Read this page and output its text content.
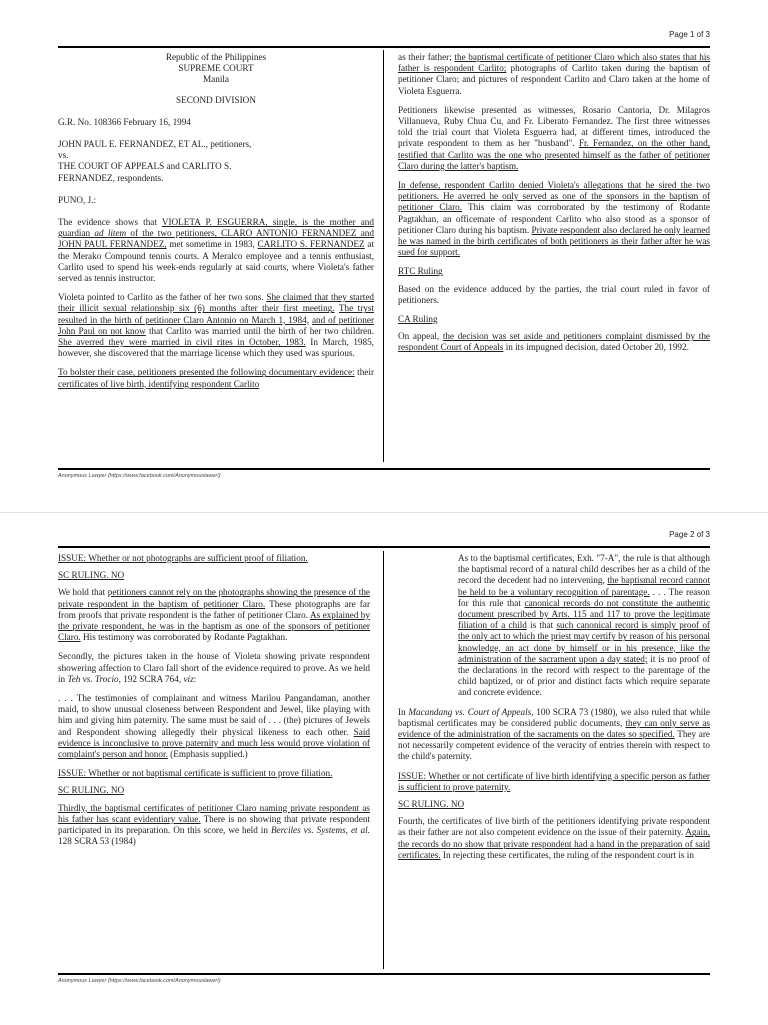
Page 1 of 3
Republic of the Philippines
SUPREME COURT
Manila
SECOND DIVISION
G.R. No. 108366 February 16, 1994
JOHN PAUL E. FERNANDEZ, ET AL., petitioners,
vs.
THE COURT OF APPEALS and CARLITO S.
FERNANDEZ, respondents.
PUNO, J.:

The evidence shows that VIOLETA P. ESGUERRA, single, is the mother and guardian ad litem of the two petitioners, CLARO ANTONIO FERNANDEZ and JOHN PAUL FERNANDEZ, met sometime in 1983, CARLITO S. FERNANDEZ at the Merako Compound tennis courts. A Meralco employee and a tennis enthusiast, Carlito used to spend his week-ends regularly at said courts, where Violeta's father served as tennis instructor.

Violeta pointed to Carlito as the father of her two sons. She claimed that they started their illicit sexual relationship six (6) months after their first meeting. The tryst resulted in the birth of petitioner Claro Antonio on March 1, 1984, and of petitioner John Paul on not know that Carlito was married until the birth of her two children. She averred they were married in civil rites in October, 1983. In March, 1985, however, she discovered that the marriage license which they used was spurious.

To bolster their case, petitioners presented the following documentary evidence: their certificates of live birth, identifying respondent Carlito

as their father; the baptismal certificate of petitioner Claro which also states that his father is respondent Carlito; photographs of Carlito taken during the baptism of petitioner Claro; and pictures of respondent Carlito and Claro taken at the home of Violeta Esguerra.

Petitioners likewise presented as witnesses, Rosario Cantoria, Dr. Milagros Villanueva, Ruby Chua Cu, and Fr. Liberato Fernandez. The first three witnesses told the trial court that Violeta Esguerra had, at different times, introduced the private respondent to them as her "husband". Fr. Fernandez, on the other hand, testified that Carlito was the one who presented himself as the father of petitioner Claro during the latter's baptism.

In defense, respondent Carlito denied Violeta's allegations that he sired the two petitioners. He averred he only served as one of the sponsors in the baptism of petitioner Claro. This claim was corroborated by the testimony of Rodante Pagtakhan, an officemate of respondent Carlito who also stood as a sponsor of petitioner Claro during his baptism. Private respondent also declared he only learned he was named in the birth certificates of both petitioners as their father after he was sued for support.

RTC Ruling

Based on the evidence adduced by the parties, the trial court ruled in favor of petitioners.

CA Ruling

On appeal, the decision was set aside and petitioners complaint dismissed by the respondent Court of Appeals in its impugned decision, dated October 20, 1992.

Anonymous Lawyer (https://www.facebook.com/Anonymouslawer/)
Page 2 of 3
ISSUE: Whether or not photographs are sufficient proof of filiation.
SC RULING. NO

We hold that petitioners cannot rely on the photographs showing the presence of the private respondent in the baptism of petitioner Claro. These photographs are far from proofs that private respondent is the father of petitioner Claro. As explained by the private respondent, he was in the baptism as one of the sponsors of petitioner Claro. His testimony was corroborated by Rodante Pagtakhan.

Secondly, the pictures taken in the house of Violeta showing private respondent showering affection to Claro fall short of the evidence required to prove. As we held in Teh vs. Trocio, 192 SCRA 764, viz:

. . . The testimonies of complainant and witness Marilou Pangandaman, another maid, to show unusual closeness between Respondent and Jewel, like playing with him and giving him paternity. The same must be said of . . . (the) pictures of Jewels and Respondent showing allegedly their physical likeness to each other. Said evidence is inconclusive to prove paternity and much less would prove violation of complaint's person and honor. (Emphasis supplied.)

ISSUE: Whether or not baptismal certificate is sufficient to prove filiation.
SC RULING. NO

Thirdly, the baptismal certificates of petitioner Claro naming private respondent as his father has scant evidentiary value. There is no showing that private respondent participated in its preparation. On this score, we held in Berciles vs. Systems, et al. 128 SCRA 53 (1984)

As to the baptismal certificates, Exh. "7-A", the rule is that although the baptismal record of a natural child describes her as a child of the record the decedent had no intervening, the baptismal record cannot be held to be a voluntary recognition of parentage. . . . The reason for this rule that canonical records do not constitute the authentic document prescribed by Arts. 115 and 117 to prove the legitimate filiation of a child is that such canonical record is simply proof of the only act to which the priest may certify by reason of his personal knowledge, an act done by himself or in his presence, like the administration of the sacrament upon a day stated; it is no proof of the declarations in the record with respect to the parentage of the child baptized, or of prior and distinct facts which require separate and concrete evidence.

In Macandang vs. Court of Appeals, 100 SCRA 73 (1980), we also ruled that while baptismal certificates may be considered public documents, they can only serve as evidence of the administration of the sacraments on the dates so specified. They are not necessarily competent evidence of the veracity of entries therein with respect to the child's paternity.

ISSUE: Whether or not certificate of live birth identifying a specific person as father is sufficient to prove paternity.
SC RULING. NO

Fourth, the certificates of live birth of the petitioners identifying private respondent as their father are not also competent evidence on the issue of their paternity. Again, the records do no show that private respondent had a hand in the preparation of said certificates. In rejecting these certificates, the ruling of the respondent court is in

Anonymous Lawyer (https://www.facebook.com/Anonymouslawer/)
